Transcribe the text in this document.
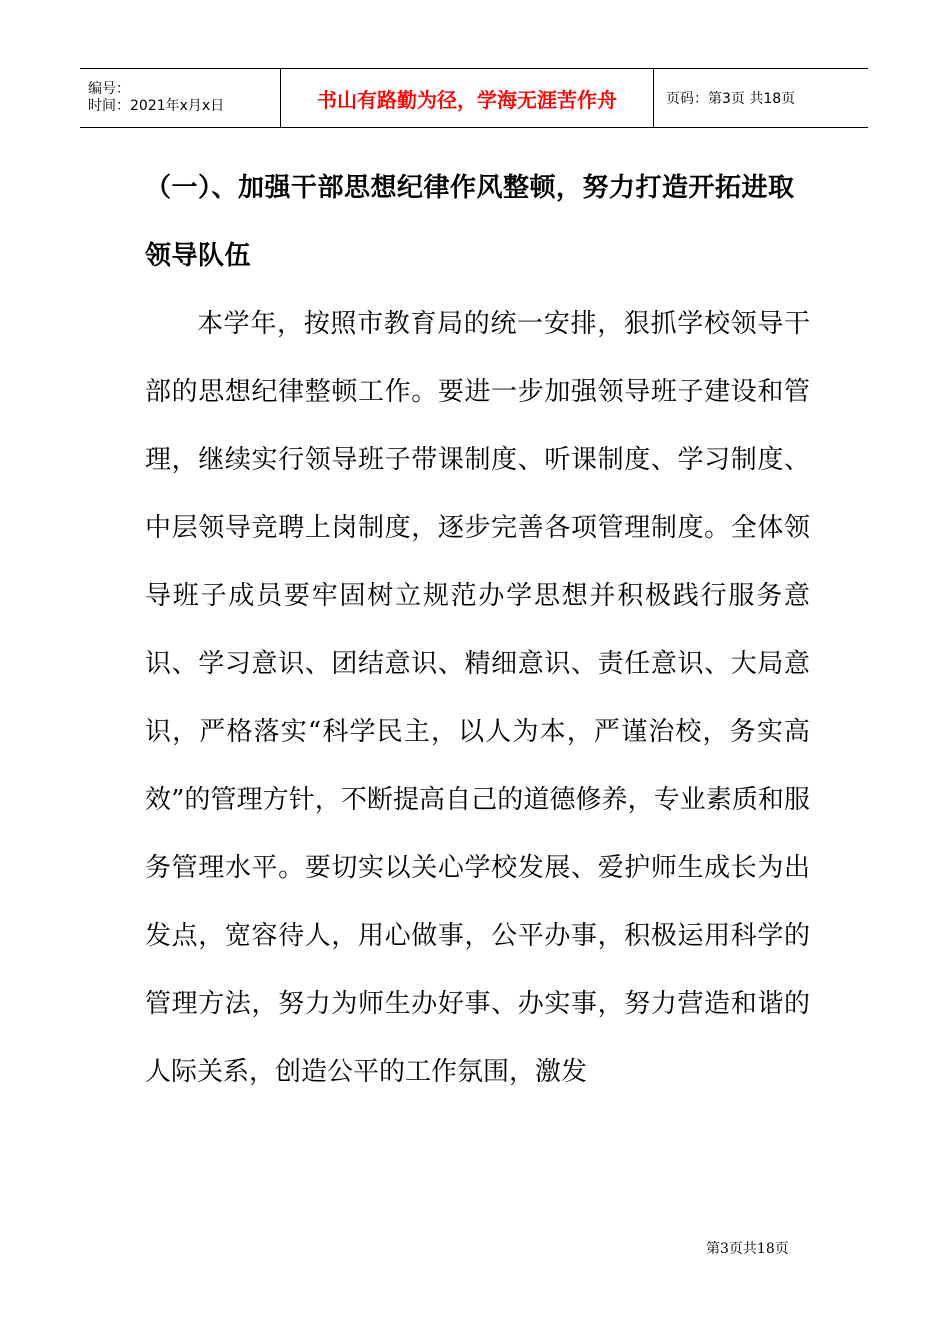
编号：
时间：2021年x月x日	书山有路勤为径，学海无涯苦作舟	页码：第3页 共18页

（一）、加强干部思想纪律作风整顿，努力打造开拓进取领导队伍

本学年，按照市教育局的统一安排，狠抓学校领导干部的思想纪律整顿工作。要进一步加强领导班子建设和管理，继续实行领导班子带课制度、听课制度、学习制度、中层领导竞聘上岗制度，逐步完善各项管理制度。全体领导班子成员要牢固树立规范办学思想并积极践行服务意识、学习意识、团结意识、精细意识、责任意识、大局意识，严格落实“科学民主，以人为本，严谨治校，务实高效”的管理方针，不断提高自己的道德修养，专业素质和服务管理水平。要切实以关心学校发展、爱护师生成长为出发点，宽容待人，用心做事，公平办事，积极运用科学的管理方法，努力为师生办好事、办实事，努力营造和谐的人际关系，创造公平的工作氛围，激发

第3页共18页
